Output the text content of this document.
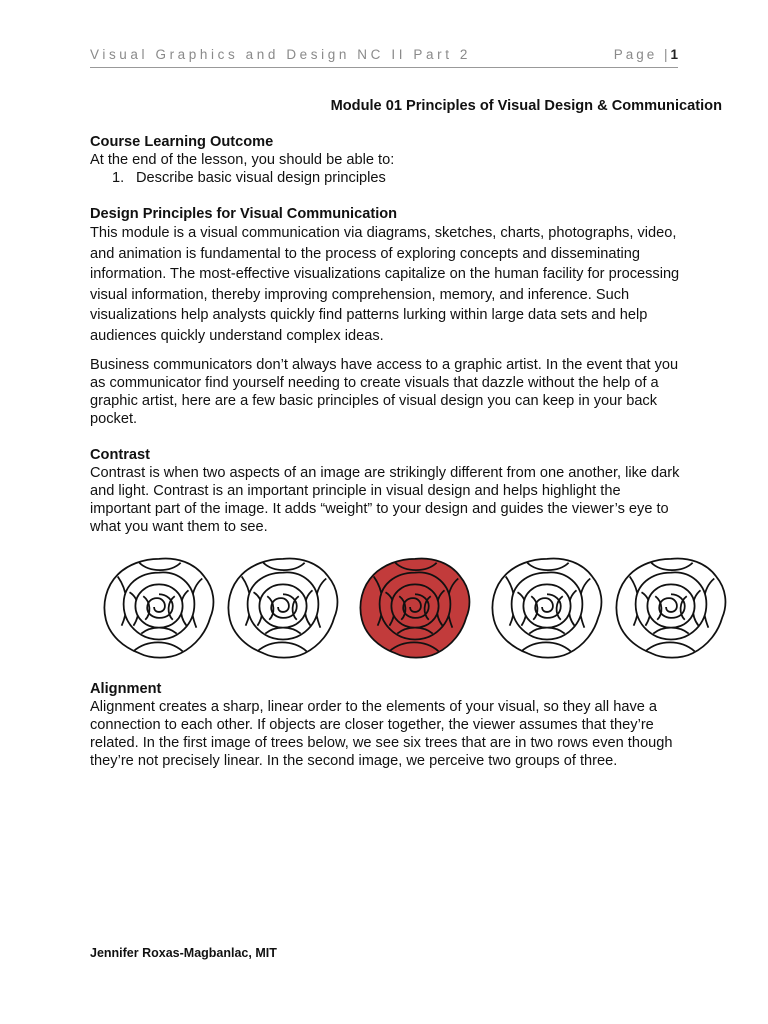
Visual Graphics and Design NC II Part 2	Page |1
Module 01 Principles of Visual Design & Communication
Course Learning Outcome

At the end of the lesson, you should be able to:

1. Describe basic visual design principles
Design Principles for Visual Communication

This module is a visual communication via diagrams, sketches, charts, photographs, video, and animation is fundamental to the process of exploring concepts and disseminating information. The most-effective visualizations capitalize on the human facility for processing visual information, thereby improving comprehension, memory, and inference. Such visualizations help analysts quickly find patterns lurking within large data sets and help audiences quickly understand complex ideas.

Business communicators don’t always have access to a graphic artist. In the event that you as communicator find yourself needing to create visuals that dazzle without the help of a graphic artist, here are a few basic principles of visual design you can keep in your back pocket.

Contrast

Contrast is when two aspects of an image are strikingly different from one another, like dark and light. Contrast is an important principle in visual design and helps highlight the important part of the image. It adds “weight” to your design and guides the viewer’s eye to what you want them to see.

Alignment

Alignment creates a sharp, linear order to the elements of your visual, so they all have a connection to each other. If objects are closer together, the viewer assumes that they’re related. In the first image of trees below, we see six trees that are in two rows even though they’re not precisely linear. In the second image, we perceive two groups of three.

Jennifer Roxas-Magbanlac, MIT
